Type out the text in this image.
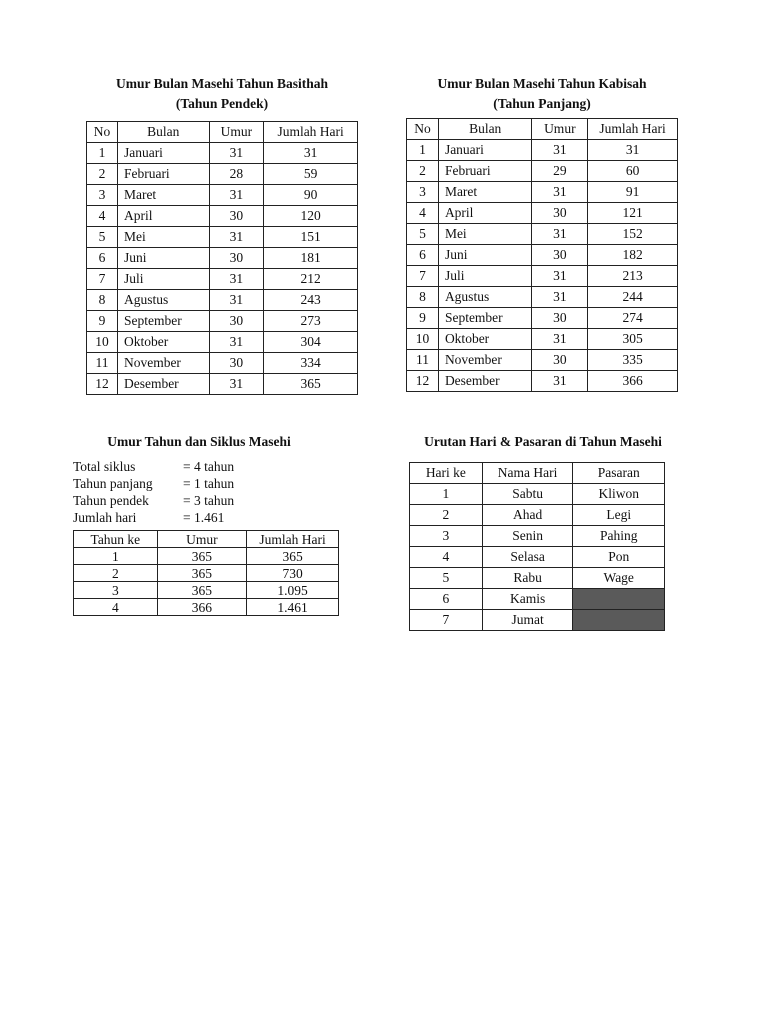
Umur Bulan Masehi Tahun Basithah
(Tahun Pendek)
No	Bulan	Umur	Jumlah Hari
1	Januari	31	31
2	Februari	28	59
3	Maret	31	90
4	April	30	120
5	Mei	31	151
6	Juni	30	181
7	Juli	31	212
8	Agustus	31	243
9	September	30	273
10	Oktober	31	304
11	November	30	334
12	Desember	31	365
Umur Bulan Masehi Tahun Kabisah
(Tahun Panjang)
No	Bulan	Umur	Jumlah Hari
1	Januari	31	31
2	Februari	29	60
3	Maret	31	91
4	April	30	121
5	Mei	31	152
6	Juni	30	182
7	Juli	31	213
8	Agustus	31	244
9	September	30	274
10	Oktober	31	305
11	November	30	335
12	Desember	31	366
Umur Tahun dan Siklus Masehi
Total siklus	= 4 tahun
Tahun panjang	= 1 tahun
Tahun pendek	= 3 tahun
Jumlah hari	= 1.461
Tahun ke	Umur	Jumlah Hari
1	365	365
2	365	730
3	365	1.095
4	366	1.461
Urutan Hari & Pasaran di Tahun Masehi
Hari ke	Nama Hari	Pasaran
1	Sabtu	Kliwon
2	Ahad	Legi
3	Senin	Pahing
4	Selasa	Pon
5	Rabu	Wage
6	Kamis	
7	Jumat	
